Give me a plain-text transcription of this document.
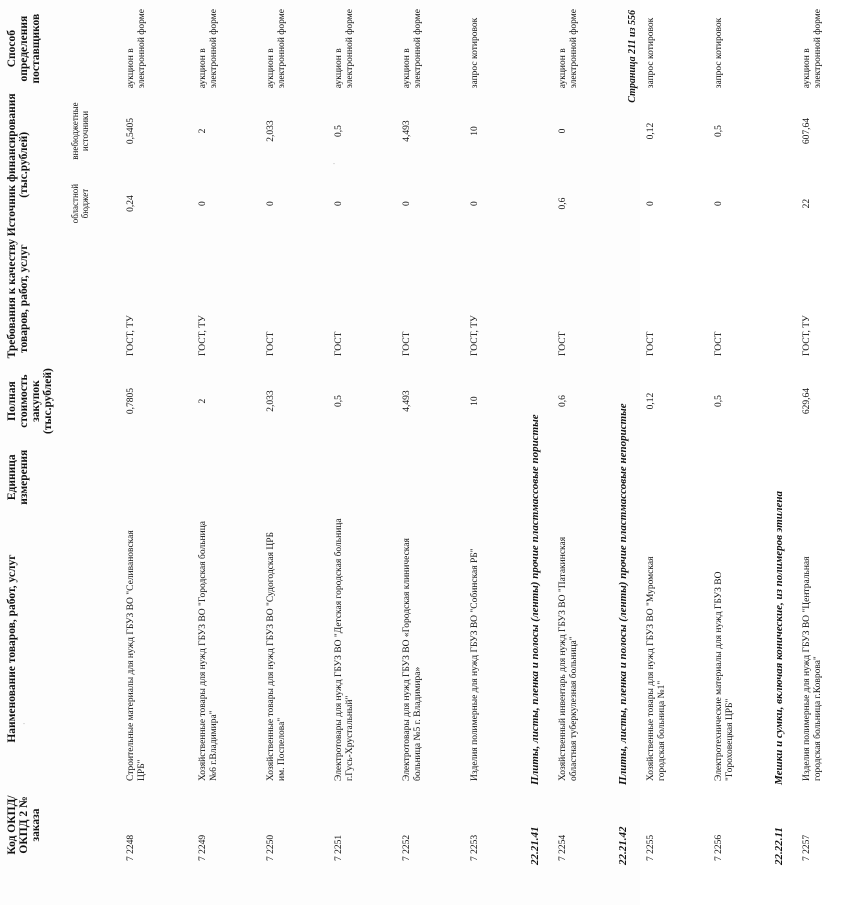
Код ОКПД/ ОКПД 2 № заказа	Наименование товаров, работ, услуг	Единица измерения	Полная стоимость закупок (тыс.рублей)	Требования к качеству товаров, работ, услуг	Источник финансирования (тыс.рублей)		Способ определения поставщиков
					областной бюджет	внебюджетные источники	
7 2248	Строительные материалы для нужд ГБУЗ ВО "Селивановская ЦРБ"		0,7805	ГОСТ, ТУ	0,24	0,5405	аукцион в электронной форме
7 2249	Хозяйственные товары для нужд ГБУЗ ВО "Городская больница №6 г.Владимира"		2	ГОСТ, ТУ	0	2	аукцион в электронной форме
7 2250	Хозяйственные товары для нужд ГБУЗ ВО "Судогодская ЦРБ им. Поспелова"		2,033	ГОСТ	0	2,033	аукцион в электронной форме
7 2251	Электротовары для нужд ГБУЗ ВО "Детская городская больница г.Гусь-Хрустальный"		0,5	ГОСТ	0	0,5	аукцион в электронной форме
7 2252	Электротовары для нужд ГБУЗ ВО «Городская клиническая больница №5 г. Владимира»		4,493	ГОСТ	0	4,493	аукцион в электронной форме
7 2253	Изделия полимерные для нужд ГБУЗ ВО "Собинская РБ"		10	ГОСТ, ТУ	0	10	запрос котировок
22.21.41	Плиты, листы, пленка и полосы (ленты) прочие пластмассовые пористые						
7 2254	Хозяйственный инвентарь для нужд ГБУЗ ВО "Патакинская областная туберкулезная больница"		0,6	ГОСТ	0,6	0	аукцион в электронной форме
22.21.42	Плиты, листы, пленка и полосы (ленты) прочие пластмассовые непористые						
7 2255	Хозяйственные товары для нужд ГБУЗ ВО "Муромская городская больница №1"		0,12	ГОСТ	0	0,12	запрос котировок
7 2256	Электротехнические материалы для нужд ГБУЗ ВО "Гороховецкая ЦРБ"		0,5	ГОСТ	0	0,5	запрос котировок
22.22.11	Мешки и сумки, включая конические, из полимеров этилена						
7 2257	Изделия полимерные для нужд ГБУЗ ВО "Центральная городская больница г.Коврова"		629,64	ГОСТ, ТУ	22	607,64	аукцион в электронной форме
Страница 211 из 556
·
·
